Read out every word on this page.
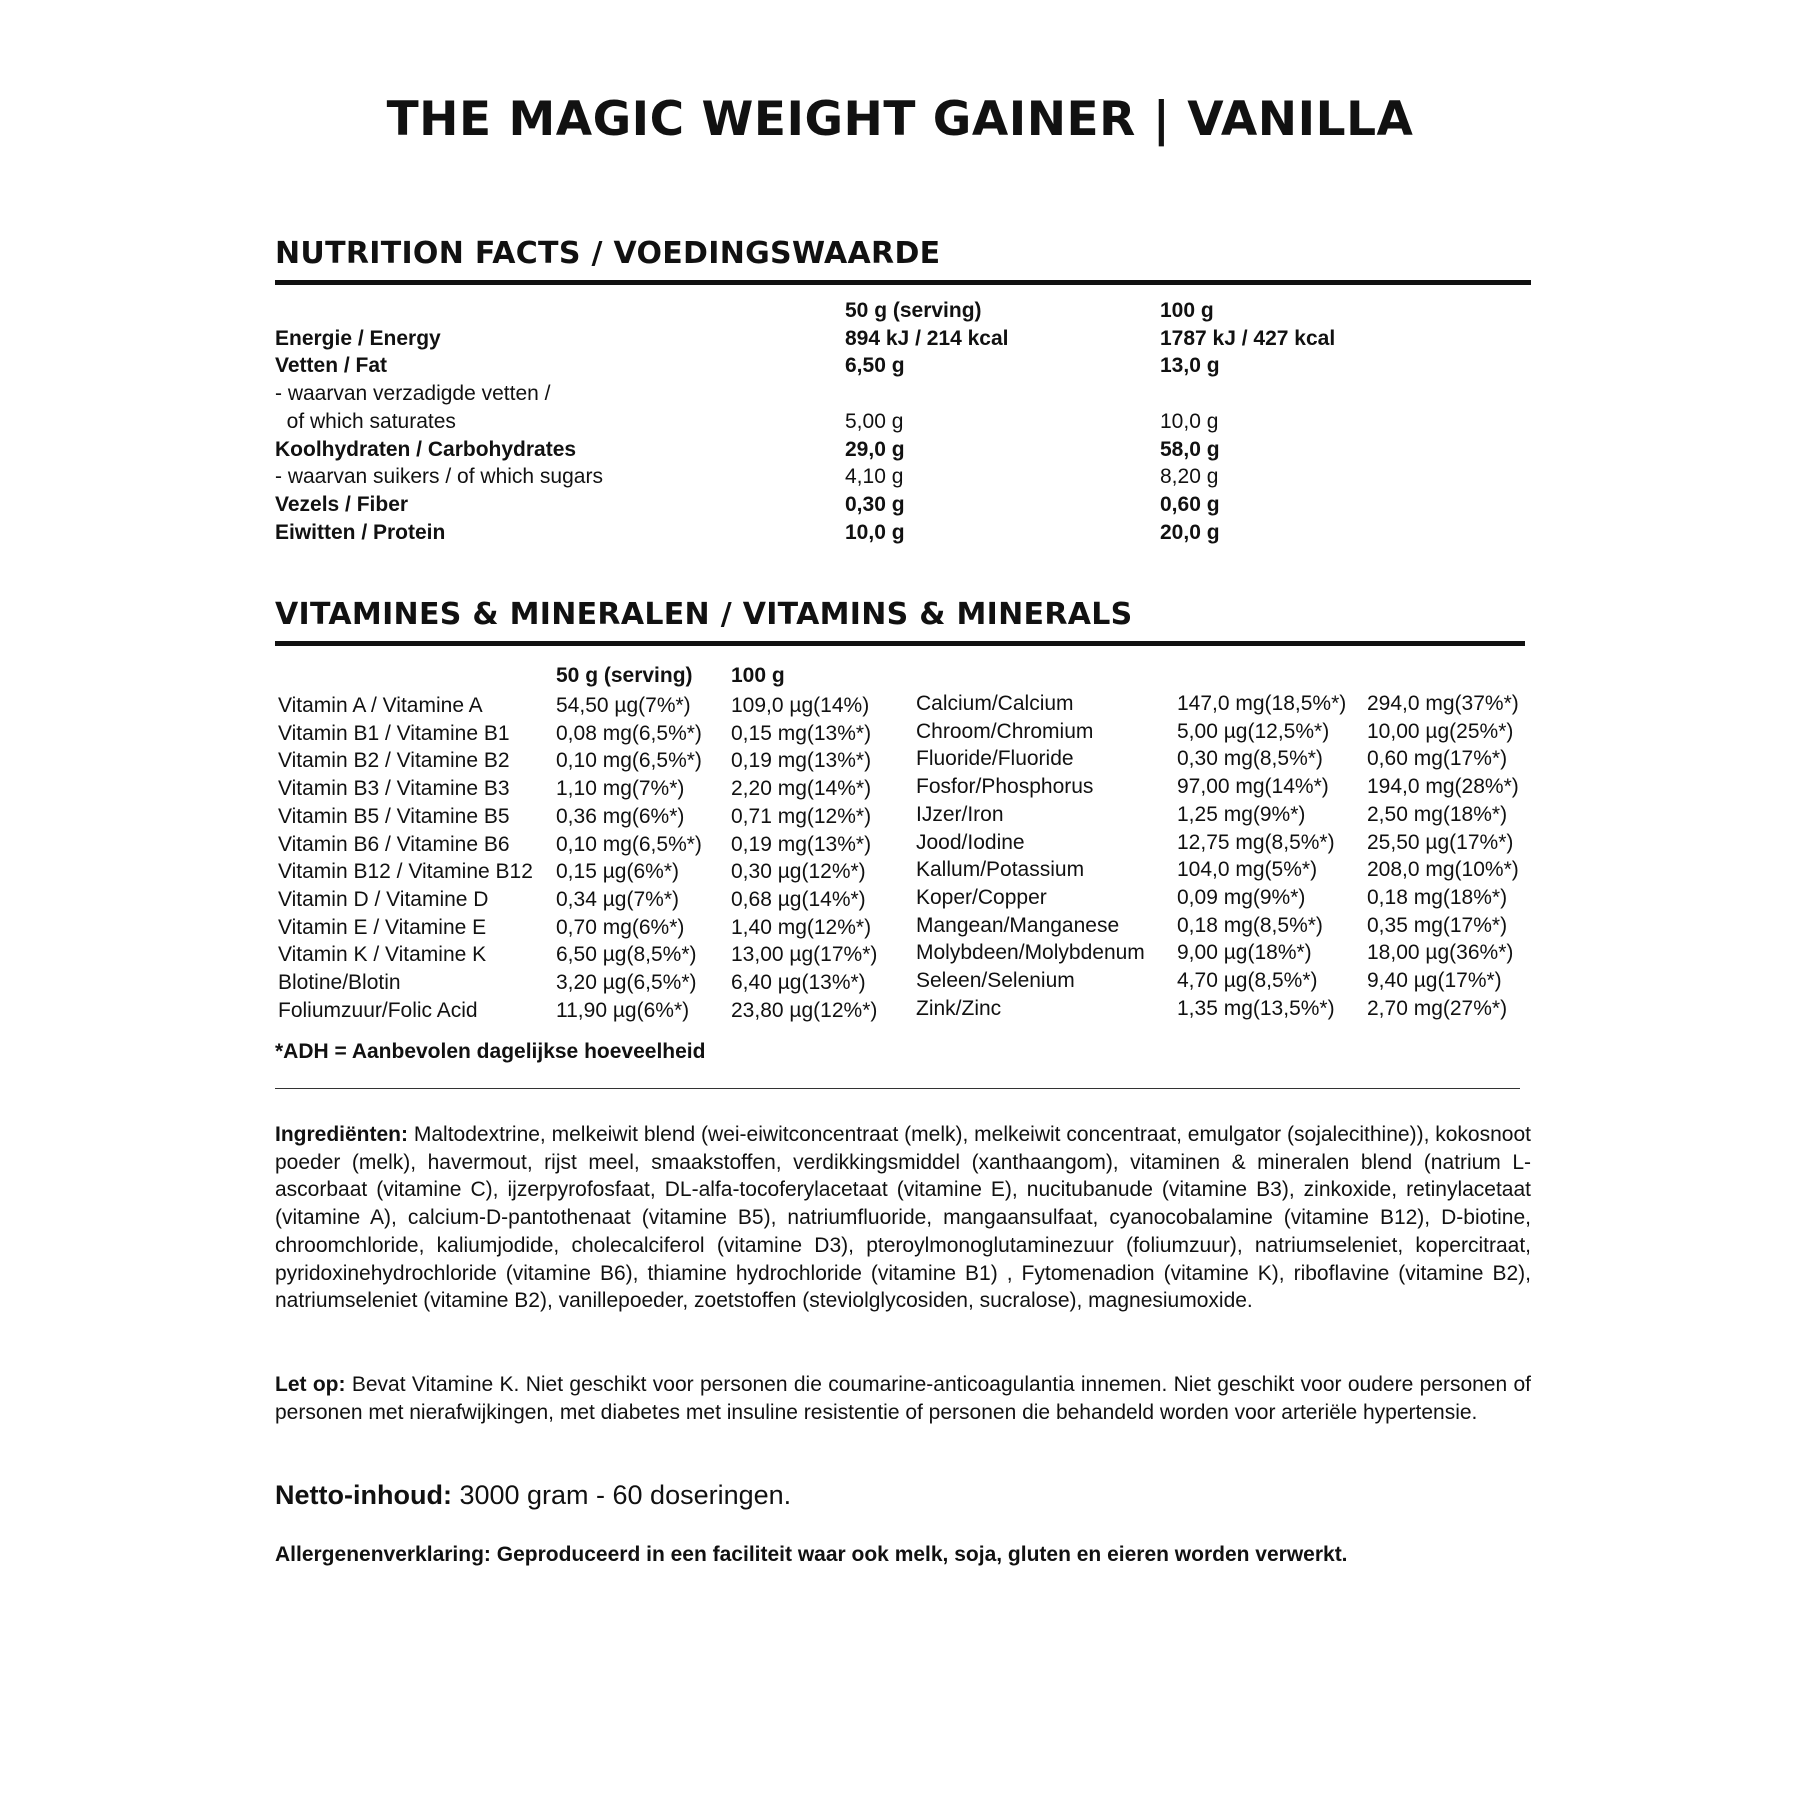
THE MAGIC WEIGHT GAINER | VANILLA
NUTRITION FACTS / VOEDINGSWAARDE
50 g (serving)	100 g
Energie / Energy	894 kJ / 214 kcal	1787 kJ / 427 kcal
Vetten / Fat	6,50 g	13,0 g
- waarvan verzadigde vetten /
of which saturates	5,00 g	10,0 g
Koolhydraten / Carbohydrates	29,0 g	58,0 g
- waarvan suikers / of which sugars	4,10 g	8,20 g
Vezels / Fiber	0,30 g	0,60 g
Eiwitten / Protein	10,0 g	20,0 g
VITAMINES & MINERALEN / VITAMINS & MINERALS
50 g (serving) 100 g
Vitamin A / Vitamine A	54,50 µg(7%*)	109,0 µg(14%)
Vitamin B1 / Vitamine B1	0,08 mg(6,5%*)	0,15 mg(13%*)
Vitamin B2 / Vitamine B2	0,10 mg(6,5%*)	0,19 mg(13%*)
Vitamin B3 / Vitamine B3	1,10 mg(7%*)	2,20 mg(14%*)
Vitamin B5 / Vitamine B5	0,36 mg(6%*)	0,71 mg(12%*)
Vitamin B6 / Vitamine B6	0,10 mg(6,5%*)	0,19 mg(13%*)
Vitamin B12 / Vitamine B12	0,15 µg(6%*)	0,30 µg(12%*)
Vitamin D / Vitamine D	0,34 µg(7%*)	0,68 µg(14%*)
Vitamin E / Vitamine E	0,70 mg(6%*)	1,40 mg(12%*)
Vitamin K / Vitamine K	6,50 µg(8,5%*)	13,00 µg(17%*)
Blotine/Blotin	3,20 µg(6,5%*)	6,40 µg(13%*)
Foliumzuur/Folic Acid	11,90 µg(6%*)	23,80 µg(12%*)
Calcium/Calcium	147,0 mg(18,5%*) 294,0 mg(37%*)
Chroom/Chromium	5,00 µg(12,5%*)	10,00 µg(25%*)
Fluoride/Fluoride	0,30 mg(8,5%*)	0,60 mg(17%*)
Fosfor/Phosphorus	97,00 mg(14%*)	194,0 mg(28%*)
IJzer/Iron	1,25 mg(9%*)	2,50 mg(18%*)
Jood/Iodine	12,75 mg(8,5%*)	25,50 µg(17%*)
Kallum/Potassium	104,0 mg(5%*)	208,0 mg(10%*)
Koper/Copper	0,09 mg(9%*)	0,18 mg(18%*)
Mangean/Manganese	0,18 mg(8,5%*)	0,35 mg(17%*)
Molybdeen/Molybdenum	9,00 µg(18%*)	18,00 µg(36%*)
Seleen/Selenium	4,70 µg(8,5%*)	9,40 µg(17%*)
Zink/Zinc	1,35 mg(13,5%*)	2,70 mg(27%*)
*ADH = Aanbevolen dagelijkse hoeveelheid

Ingrediënten: Maltodextrine, melkeiwit blend (wei-eiwitconcentraat (melk), melkeiwit concentraat, emulgator (sojalecithine)), kokosnoot poeder (melk), havermout, rijst meel, smaakstoffen, verdikkingsmiddel (xanthaangom), vitaminen & mineralen blend (natrium L-ascorbaat (vitamine C), ijzerpyrofosfaat, DL-alfa-tocoferylacetaat (vitamine E), nucitubanude (vitamine B3), zinkoxide, retinylacetaat (vitamine A), calcium-D-pantothenaat (vitamine B5), natriumfluoride, mangaansulfaat, cyanocobalamine (vitamine B12), D-biotine, chroomchloride, kaliumjodide, cholecalciferol (vitamine D3), pteroylmonoglutaminezuur (foliumzuur), natriumseleniet, kopercitraat, pyridoxinehydrochloride (vitamine B6), thiamine hydrochloride (vitamine B1) , Fytomenadion (vitamine K), riboflavine (vitamine B2), natriumseleniet (vitamine B2), vanillepoeder, zoetstoffen (steviolglycosiden, sucralose), magnesiumoxide.

Let op: Bevat Vitamine K. Niet geschikt voor personen die coumarine-anticoagulantia innemen. Niet geschikt voor oudere personen of personen met nierafwijkingen, met diabetes met insuline resistentie of personen die behandeld worden voor arteriële hypertensie.

Netto-inhoud: 3000 gram - 60 doseringen.
Allergenenverklaring: Geproduceerd in een faciliteit waar ook melk, soja, gluten en eieren worden verwerkt.
